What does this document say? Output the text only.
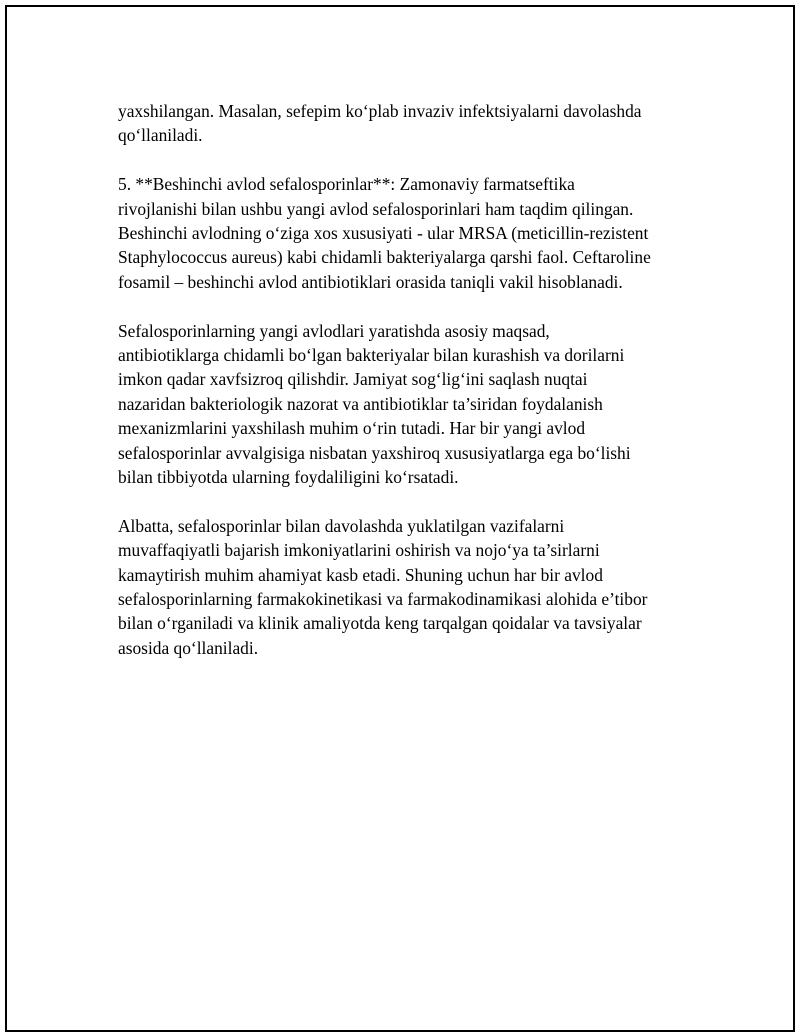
yaxshilangan. Masalan, sefepim ko‘plab invaziv infektsiyalarni davolashda
qo‘llaniladi.

5. **Beshinchi avlod sefalosporinlar**: Zamonaviy farmatseftika
rivojlanishi bilan ushbu yangi avlod sefalosporinlari ham taqdim qilingan.
Beshinchi avlodning o‘ziga xos xususiyati - ular MRSA (meticillin-rezistent
Staphylococcus aureus) kabi chidamli bakteriyalarga qarshi faol. Ceftaroline
fosamil – beshinchi avlod antibiotiklari orasida taniqli vakil hisoblanadi.

Sefalosporinlarning yangi avlodlari yaratishda asosiy maqsad,
antibiotiklarga chidamli bo‘lgan bakteriyalar bilan kurashish va dorilarni
imkon qadar xavfsizroq qilishdir. Jamiyat sog‘lig‘ini saqlash nuqtai
nazaridan bakteriologik nazorat va antibiotiklar ta’siridan foydalanish
mexanizmlarini yaxshilash muhim o‘rin tutadi. Har bir yangi avlod
sefalosporinlar avvalgisiga nisbatan yaxshiroq xususiyatlarga ega bo‘lishi
bilan tibbiyotda ularning foydaliligini ko‘rsatadi.

Albatta, sefalosporinlar bilan davolashda yuklatilgan vazifalarni
muvaffaqiyatli bajarish imkoniyatlarini oshirish va nojo‘ya ta’sirlarni
kamaytirish muhim ahamiyat kasb etadi. Shuning uchun har bir avlod
sefalosporinlarning farmakokinetikasi va farmakodinamikasi alohida e’tibor
bilan o‘rganiladi va klinik amaliyotda keng tarqalgan qoidalar va tavsiyalar
asosida qo‘llaniladi.
